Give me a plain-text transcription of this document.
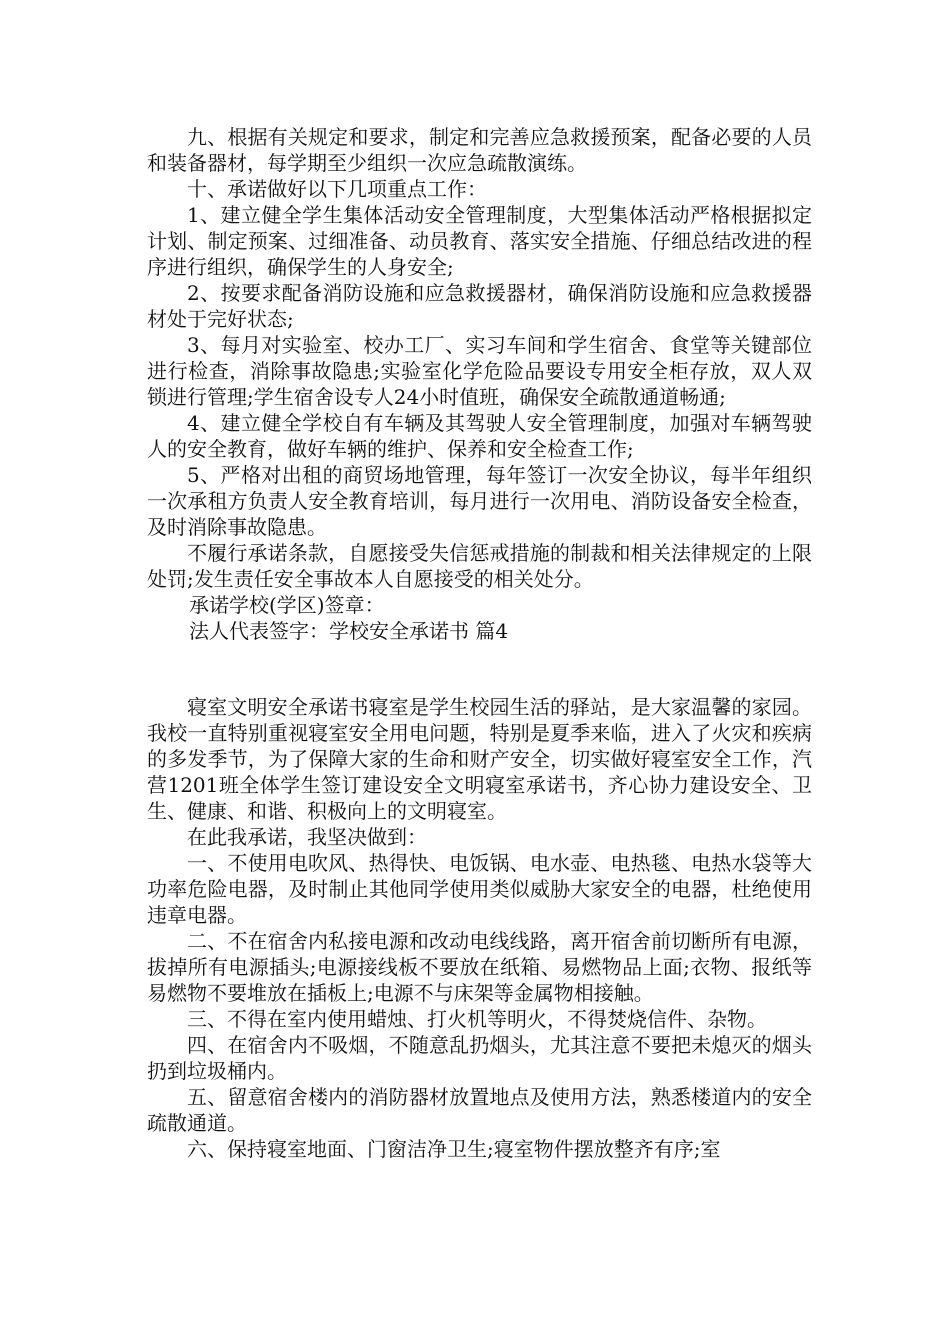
九、根据有关规定和要求，制定和完善应急救援预案，配备必要的人员和装备器材，每学期至少组织一次应急疏散演练。

十、承诺做好以下几项重点工作：

1、建立健全学生集体活动安全管理制度，大型集体活动严格根据拟定计划、制定预案、过细准备、动员教育、落实安全措施、仔细总结改进的程序进行组织，确保学生的人身安全;

2、按要求配备消防设施和应急救援器材，确保消防设施和应急救援器材处于完好状态;

3、每月对实验室、校办工厂、实习车间和学生宿舍、食堂等关键部位进行检查，消除事故隐患;实验室化学危险品要设专用安全柜存放，双人双锁进行管理;学生宿舍设专人24小时值班，确保安全疏散通道畅通;

4、建立健全学校自有车辆及其驾驶人安全管理制度，加强对车辆驾驶人的安全教育，做好车辆的维护、保养和安全检查工作;

5、严格对出租的商贸场地管理，每年签订一次安全协议，每半年组织一次承租方负责人安全教育培训，每月进行一次用电、消防设备安全检查，及时消除事故隐患。

不履行承诺条款，自愿接受失信惩戒措施的制裁和相关法律规定的上限处罚;发生责任安全事故本人自愿接受的相关处分。

承诺学校(学区)签章：

法人代表签字：学校安全承诺书 篇4

寝室文明安全承诺书寝室是学生校园生活的驿站，是大家温馨的家园。我校一直特别重视寝室安全用电问题，特别是夏季来临，进入了火灾和疾病的多发季节，为了保障大家的生命和财产安全，切实做好寝室安全工作，汽营1201班全体学生签订建设安全文明寝室承诺书，齐心协力建设安全、卫生、健康、和谐、积极向上的文明寝室。

在此我承诺，我坚决做到：

一、不使用电吹风、热得快、电饭锅、电水壶、电热毯、电热水袋等大功率危险电器，及时制止其他同学使用类似威胁大家安全的电器，杜绝使用违章电器。

二、不在宿舍内私接电源和改动电线线路，离开宿舍前切断所有电源，拔掉所有电源插头;电源接线板不要放在纸箱、易燃物品上面;衣物、报纸等易燃物不要堆放在插板上;电源不与床架等金属物相接触。

三、不得在室内使用蜡烛、打火机等明火，不得焚烧信件、杂物。

四、在宿舍内不吸烟，不随意乱扔烟头，尤其注意不要把未熄灭的烟头扔到垃圾桶内。

五、留意宿舍楼内的消防器材放置地点及使用方法，熟悉楼道内的安全疏散通道。

六、保持寝室地面、门窗洁净卫生;寝室物件摆放整齐有序;室
